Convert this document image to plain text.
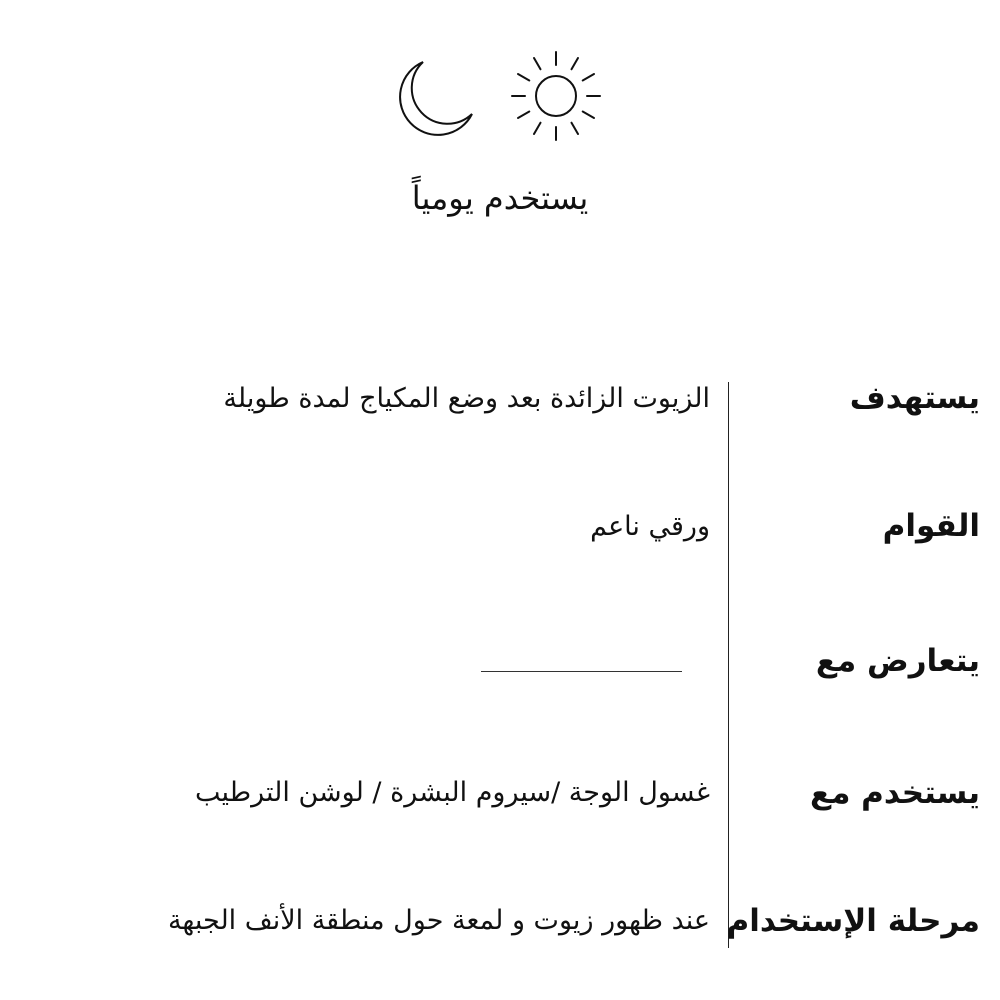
يستخدم يومياً
يستهدف
الزيوت الزائدة بعد وضع المكياج لمدة طويلة
القوام
ورقي ناعم
يتعارض مع
يستخدم مع
غسول الوجة /سيروم البشرة / لوشن الترطيب
مرحلة الإستخدام
عند ظهور زيوت و لمعة حول منطقة الأنف الجبهة
